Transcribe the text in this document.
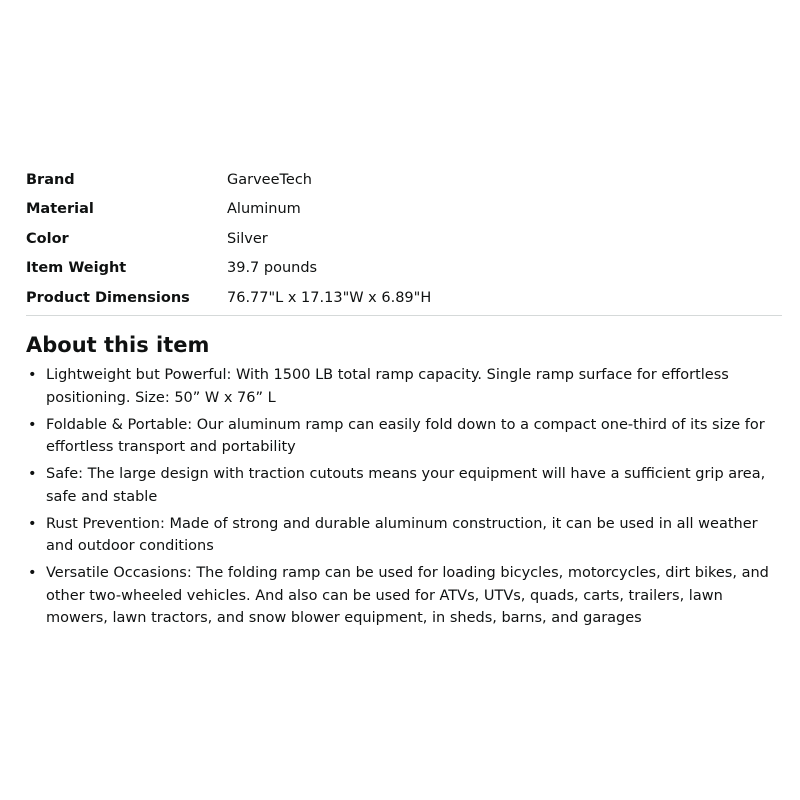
Brand	GarveeTech
Material	Aluminum
Color	Silver
Item Weight	39.7 pounds
Product Dimensions	76.77"L x 17.13"W x 6.89"H
About this item
• Lightweight but Powerful: With 1500 LB total ramp capacity. Single ramp surface for effortless positioning. Size: 50” W x 76” L
• Foldable & Portable: Our aluminum ramp can easily fold down to a compact one-third of its size for effortless transport and portability
• Safe: The large design with traction cutouts means your equipment will have a sufficient grip area, safe and stable
• Rust Prevention: Made of strong and durable aluminum construction, it can be used in all weather and outdoor conditions
• Versatile Occasions: The folding ramp can be used for loading bicycles, motorcycles, dirt bikes, and other two-wheeled vehicles. And also can be used for ATVs, UTVs, quads, carts, trailers, lawn mowers, lawn tractors, and snow blower equipment, in sheds, barns, and garages
